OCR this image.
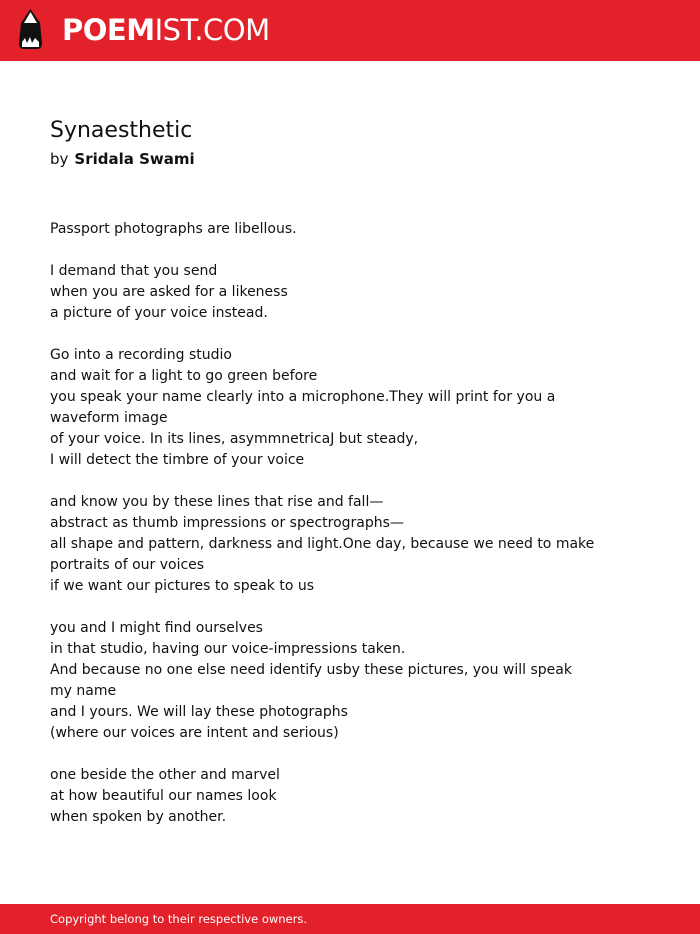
POEMIST.COM
Synaesthetic
by Sridala Swami
Passport photographs are libellous.
I demand that you send
when you are asked for a likeness
a picture of your voice instead.
Go into a recording studio
and wait for a light to go green before
you speak your name clearly into a microphone.They will print for you a
waveform image
of your voice. In its lines, asymmnetricaJ but steady,
I will detect the timbre of your voice
and know you by these lines that rise and fall—
abstract as thumb impressions or spectrographs—
all shape and pattern, darkness and light.One day, because we need to make
portraits of our voices
if we want our pictures to speak to us
you and I might find ourselves
in that studio, having our voice-impressions taken.
And because no one else need identify usby these pictures, you will speak
my name
and I yours. We will lay these photographs
(where our voices are intent and serious)
one beside the other and marvel
at how beautiful our names look
when spoken by another.
Copyright belong to their respective owners.
